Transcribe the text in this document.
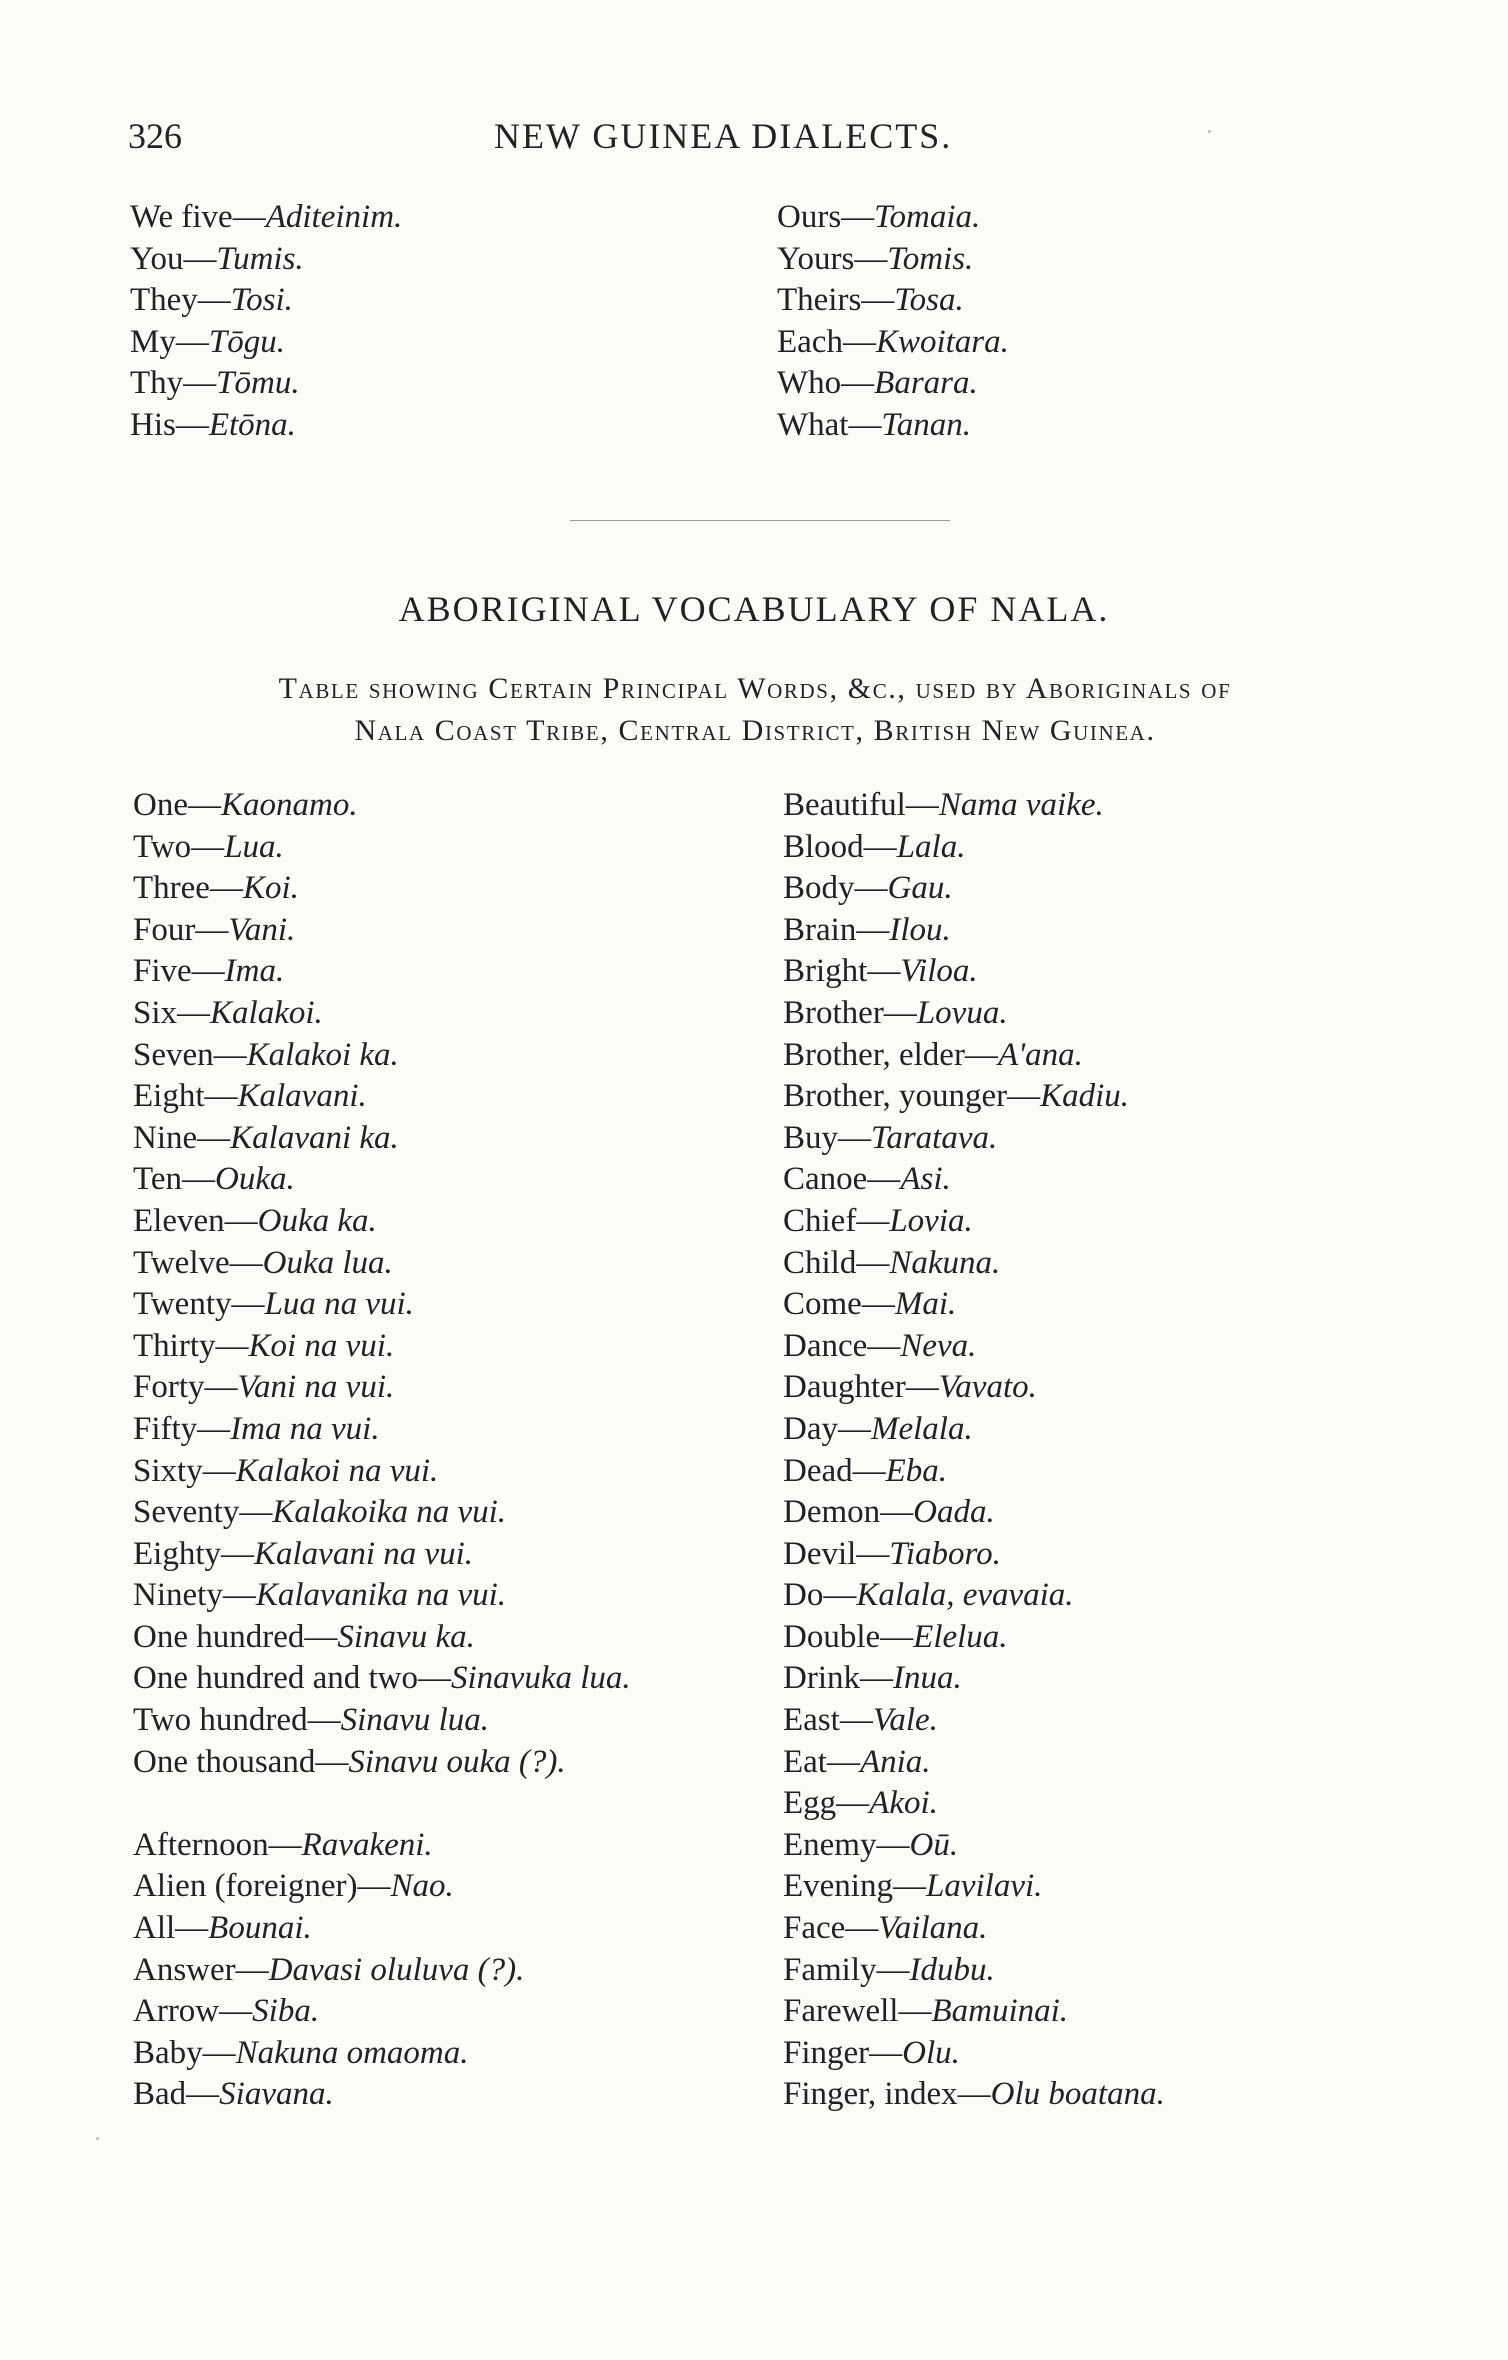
326	NEW GUINEA DIALECTS.
We five—Aditeinim.
You—Tumis.
They—Tosi.
My—Tōgu.
Thy—Tōmu.
His—Etōna.
Ours—Tomaia.
Yours—Tomis.
Theirs—Tosa.
Each—Kwoitara.
Who—Barara.
What—Tanan.
ABORIGINAL VOCABULARY OF NALA.
Table showing Certain Principal Words, &c., used by Aboriginals of
Nala Coast Tribe, Central District, British New Guinea.
One—Kaonamo.
Two—Lua.
Three—Koi.
Four—Vani.
Five—Ima.
Six—Kalakoi.
Seven—Kalakoi ka.
Eight—Kalavani.
Nine—Kalavani ka.
Ten—Ouka.
Eleven—Ouka ka.
Twelve—Ouka lua.
Twenty—Lua na vui.
Thirty—Koi na vui.
Forty—Vani na vui.
Fifty—Ima na vui.
Sixty—Kalakoi na vui.
Seventy—Kalakoika na vui.
Eighty—Kalavani na vui.
Ninety—Kalavanika na vui.
One hundred—Sinavu ka.
One hundred and two—Sinavuka lua.
Two hundred—Sinavu lua.
One thousand—Sinavu ouka (?).
Afternoon—Ravakeni.
Alien (foreigner)—Nao.
All—Bounai.
Answer—Davasi oluluva (?).
Arrow—Siba.
Baby—Nakuna omaoma.
Bad—Siavana.
Beautiful—Nama vaike.
Blood—Lala.
Body—Gau.
Brain—Ilou.
Bright—Viloa.
Brother—Lovua.
Brother, elder—A'ana.
Brother, younger—Kadiu.
Buy—Taratava.
Canoe—Asi.
Chief—Lovia.
Child—Nakuna.
Come—Mai.
Dance—Neva.
Daughter—Vavato.
Day—Melala.
Dead—Eba.
Demon—Oada.
Devil—Tiaboro.
Do—Kalala, evavaia.
Double—Elelua.
Drink—Inua.
East—Vale.
Eat—Ania.
Egg—Akoi.
Enemy—Oū.
Evening—Lavilavi.
Face—Vailana.
Family—Idubu.
Farewell—Bamuinai.
Finger—Olu.
Finger, index—Olu boatana.
